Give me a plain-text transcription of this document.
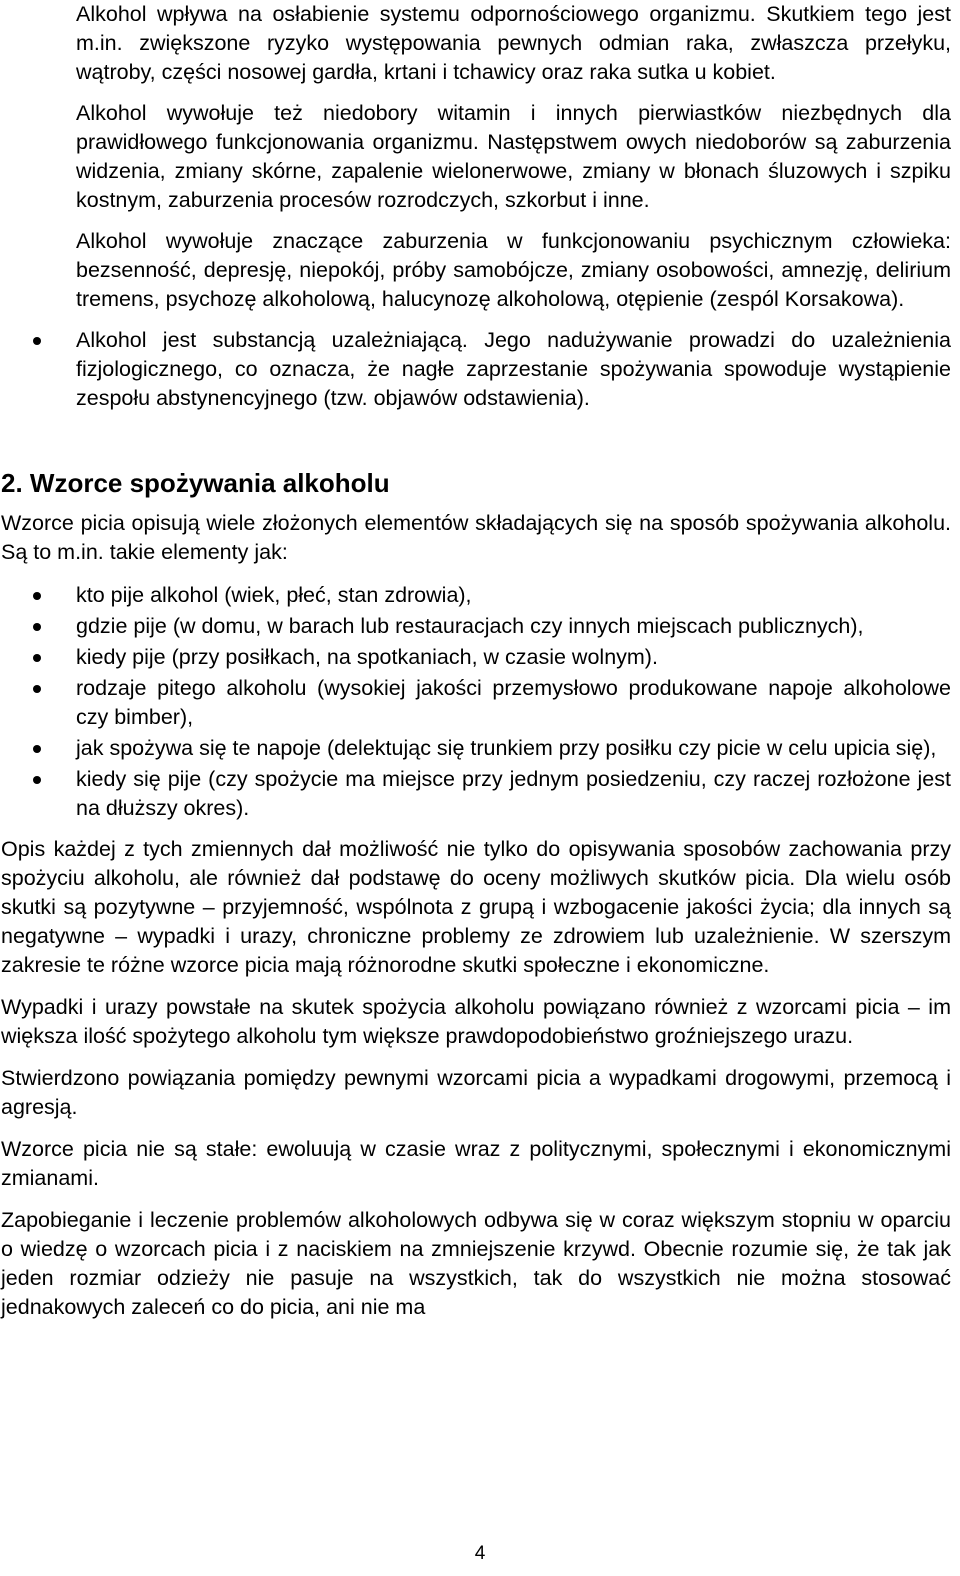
Alkohol wpływa na osłabienie systemu odpornościowego organizmu. Skutkiem tego jest m.in. zwiększone ryzyko występowania pewnych odmian raka, zwłaszcza przełyku, wątroby, części nosowej gardła, krtani i tchawicy oraz raka sutka u kobiet.

Alkohol wywołuje też niedobory witamin i innych pierwiastków niezbędnych dla prawidłowego funkcjonowania organizmu. Następstwem owych niedoborów są zaburzenia widzenia, zmiany skórne, zapalenie wielonerwowe, zmiany w błonach śluzowych i szpiku kostnym, zaburzenia procesów rozrodczych, szkorbut i inne.

Alkohol wywołuje znaczące zaburzenia w funkcjonowaniu psychicznym człowieka: bezsenność, depresję, niepokój, próby samobójcze, zmiany osobowości, amnezję, delirium tremens, psychozę alkoholową, halucynozę alkoholową, otępienie (zespól Korsakowa).

Alkohol jest substancją uzależniającą. Jego nadużywanie prowadzi do uzależnienia fizjologicznego, co oznacza, że nagłe zaprzestanie spożywania spowoduje wystąpienie zespołu abstynencyjnego (tzw. objawów odstawienia).
2. Wzorce spożywania alkoholu

Wzorce picia opisują wiele złożonych elementów składających się na sposób spożywania alkoholu. Są to m.in. takie elementy jak:

kto pije alkohol (wiek, płeć, stan zdrowia),
gdzie pije (w domu, w barach lub restauracjach czy innych miejscach publicznych),
kiedy pije (przy posiłkach, na spotkaniach, w czasie wolnym).
rodzaje pitego alkoholu (wysokiej jakości przemysłowo produkowane napoje alkoholowe czy bimber),
jak spożywa się te napoje (delektując się trunkiem przy posiłku czy picie w celu upicia się),
kiedy się pije (czy spożycie ma miejsce przy jednym posiedzeniu, czy raczej rozłożone jest na dłuższy okres).

Opis każdej z tych zmiennych dał możliwość nie tylko do opisywania sposobów zachowania przy spożyciu alkoholu, ale również dał podstawę do oceny możliwych skutków picia. Dla wielu osób skutki są pozytywne – przyjemność, wspólnota z grupą i wzbogacenie jakości życia; dla innych są negatywne – wypadki i urazy, chroniczne problemy ze zdrowiem lub uzależnienie. W szerszym zakresie te różne wzorce picia mają różnorodne skutki społeczne i ekonomiczne.

Wypadki i urazy powstałe na skutek spożycia alkoholu powiązano również z wzorcami picia – im większa ilość spożytego alkoholu tym większe prawdopodobieństwo groźniejszego urazu.

Stwierdzono powiązania pomiędzy pewnymi wzorcami picia a wypadkami drogowymi, przemocą i agresją.

Wzorce picia nie są stałe: ewoluują w czasie wraz z politycznymi, społecznymi i ekonomicznymi zmianami.

Zapobieganie i leczenie problemów alkoholowych odbywa się w coraz większym stopniu w oparciu o wiedzę o wzorcach picia i z naciskiem na zmniejszenie krzywd. Obecnie rozumie się, że tak jak jeden rozmiar odzieży nie pasuje na wszystkich, tak do wszystkich nie można stosować jednakowych zaleceń co do picia, ani nie ma

4
